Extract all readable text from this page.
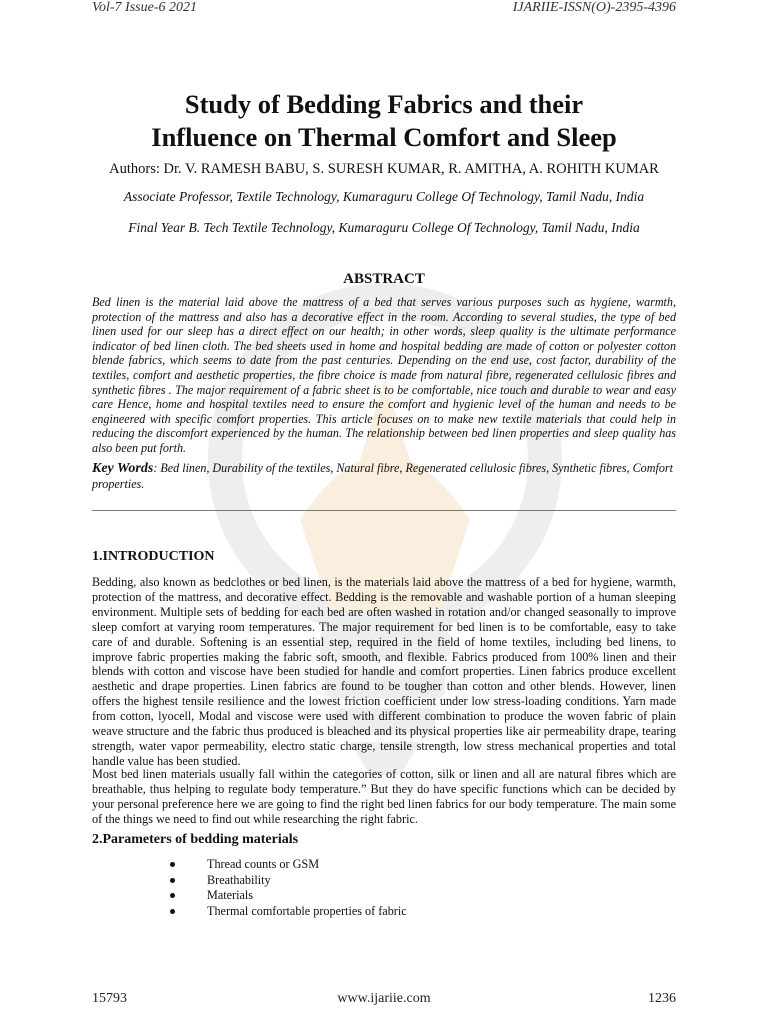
Vol-7 Issue-6 2021	IJARIIE-ISSN(O)-2395-4396
Study of Bedding Fabrics and their
Influence on Thermal Comfort and Sleep
Authors: Dr. V. RAMESH BABU, S. SURESH KUMAR, R. AMITHA, A. ROHITH KUMAR
Associate Professor, Textile Technology, Kumaraguru College Of Technology, Tamil Nadu, India
Final Year B. Tech Textile Technology, Kumaraguru College Of Technology, Tamil Nadu, India
ABSTRACT

Bed linen is the material laid above the mattress of a bed that serves various purposes such as hygiene, warmth, protection of the mattress and also has a decorative effect in the room. According to several studies, the type of bed linen used for our sleep has a direct effect on our health; in other words, sleep quality is the ultimate performance indicator of bed linen cloth. The bed sheets used in home and hospital bedding are made of cotton or polyester cotton blende fabrics, which seems to date from the past centuries. Depending on the end use, cost factor, durability of the textiles, comfort and aesthetic properties, the fibre choice is made from natural fibre, regenerated cellulosic fibres and synthetic fibres . The major requirement of a fabric sheet is to be comfortable, nice touch and durable to wear and easy care Hence, home and hospital textiles need to ensure the comfort and hygienic level of the human and needs to be engineered with specific comfort properties. This article focuses on to make new textile materials that could help in reducing the discomfort experienced by the human. The relationship between bed linen properties and sleep quality has also been put forth.

Key Words: Bed linen, Durability of the textiles, Natural fibre, Regenerated cellulosic fibres, Synthetic fibres, Comfort properties.

1.INTRODUCTION

Bedding, also known as bedclothes or bed linen, is the materials laid above the mattress of a bed for hygiene, warmth, protection of the mattress, and decorative effect. Bedding is the removable and washable portion of a human sleeping environment. Multiple sets of bedding for each bed are often washed in rotation and/or changed seasonally to improve sleep comfort at varying room temperatures. The major requirement for bed linen is to be comfortable, easy to take care of and durable. Softening is an essential step, required in the field of home textiles, including bed linens, to improve fabric properties making the fabric soft, smooth, and flexible. Fabrics produced from 100% linen and their blends with cotton and viscose have been studied for handle and comfort properties. Linen fabrics produce excellent aesthetic and drape properties. Linen fabrics are found to be tougher than cotton and other blends. However, linen offers the highest tensile resilience and the lowest friction coefficient under low stress-loading conditions. Yarn made from cotton, lyocell, Modal and viscose were used with different combination to produce the woven fabric of plain weave structure and the fabric thus produced is bleached and its physical properties like air permeability drape, tearing strength, water vapor permeability, electro static charge, tensile strength, low stress mechanical properties and total handle value has been studied.

Most bed linen materials usually fall within the categories of cotton, silk or linen and all are natural fibres which are breathable, thus helping to regulate body temperature.” But they do have specific functions which can be decided by your personal preference here we are going to find the right bed linen fabrics for our body temperature. The main some of the things we need to find out while researching the right fabric.

2.Parameters of bedding materials
Thread counts or GSM
Breathability
Materials
Thermal comfortable properties of fabric
15793	www.ijariie.com	1236
